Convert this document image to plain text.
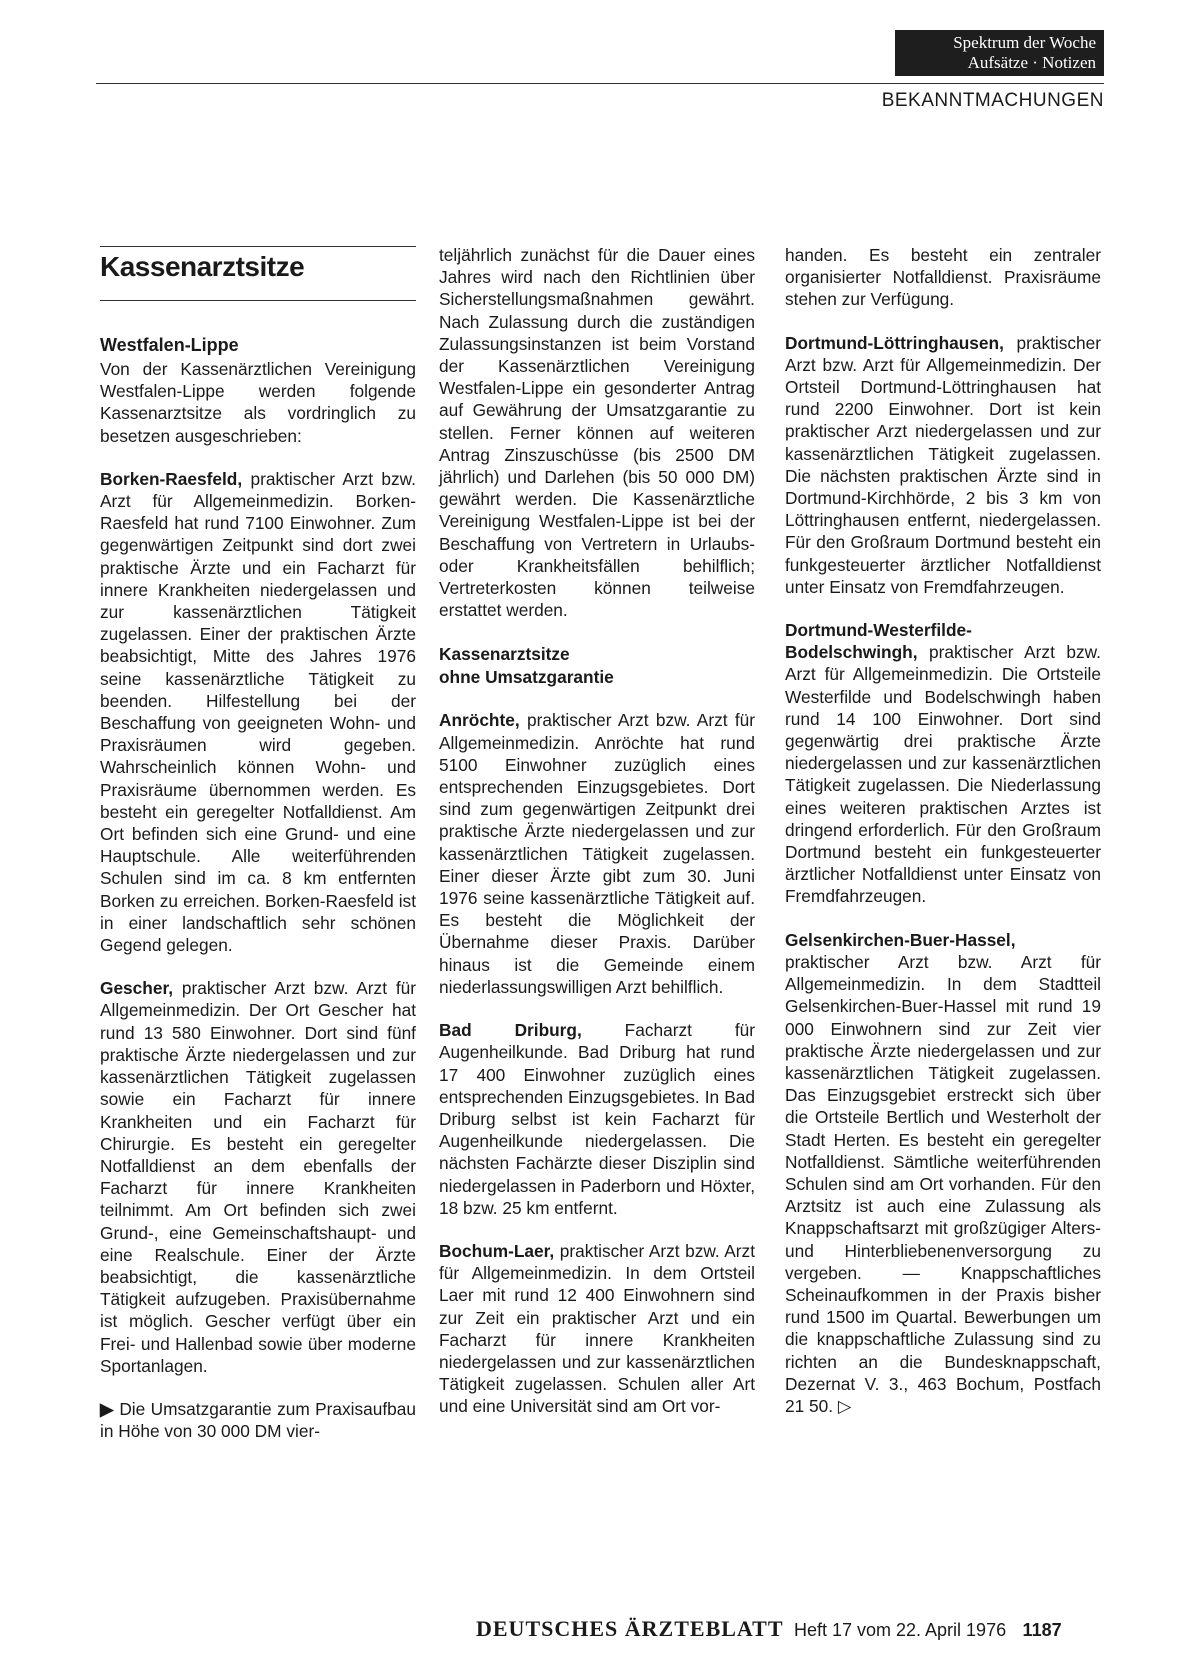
Spektrum der Woche
Aufsätze · Notizen
BEKANNTMACHUNGEN
Kassenarztsitze
Westfalen-Lippe

Von der Kassenärztlichen Vereinigung Westfalen-Lippe werden folgende Kassenarztsitze als vordringlich zu besetzen ausgeschrieben:

Borken-Raesfeld, praktischer Arzt bzw. Arzt für Allgemeinmedizin. Borken-Raesfeld hat rund 7100 Einwohner. Zum gegenwärtigen Zeitpunkt sind dort zwei praktische Ärzte und ein Facharzt für innere Krankheiten niedergelassen und zur kassenärztlichen Tätigkeit zugelassen. Einer der praktischen Ärzte beabsichtigt, Mitte des Jahres 1976 seine kassenärztliche Tätigkeit zu beenden. Hilfestellung bei der Beschaffung von geeigneten Wohn- und Praxisräumen wird gegeben. Wahrscheinlich können Wohn- und Praxisräume übernommen werden. Es besteht ein geregelter Notfalldienst. Am Ort befinden sich eine Grund- und eine Hauptschule. Alle weiterführenden Schulen sind im ca. 8 km entfernten Borken zu erreichen. Borken-Raesfeld ist in einer landschaftlich sehr schönen Gegend gelegen.

Gescher, praktischer Arzt bzw. Arzt für Allgemeinmedizin. Der Ort Gescher hat rund 13 580 Einwohner. Dort sind fünf praktische Ärzte niedergelassen und zur kassenärztlichen Tätigkeit zugelassen sowie ein Facharzt für innere Krankheiten und ein Facharzt für Chirurgie. Es besteht ein geregelter Notfalldienst an dem ebenfalls der Facharzt für innere Krankheiten teilnimmt. Am Ort befinden sich zwei Grund-, eine Gemeinschaftshaupt- und eine Realschule. Einer der Ärzte beabsichtigt, die kassenärztliche Tätigkeit aufzugeben. Praxisübernahme ist möglich. Gescher verfügt über ein Frei- und Hallenbad sowie über moderne Sportanlagen.

▶ Die Umsatzgarantie zum Praxisaufbau in Höhe von 30 000 DM vier-

teljährlich zunächst für die Dauer eines Jahres wird nach den Richtlinien über Sicherstellungsmaßnahmen gewährt. Nach Zulassung durch die zuständigen Zulassungsinstanzen ist beim Vorstand der Kassenärztlichen Vereinigung Westfalen-Lippe ein gesonderter Antrag auf Gewährung der Umsatzgarantie zu stellen. Ferner können auf weiteren Antrag Zinszuschüsse (bis 2500 DM jährlich) und Darlehen (bis 50 000 DM) gewährt werden. Die Kassenärztliche Vereinigung Westfalen-Lippe ist bei der Beschaffung von Vertretern in Urlaubs- oder Krankheitsfällen behilflich; Vertreterkosten können teilweise erstattet werden.

Kassenarztsitze
ohne Umsatzgarantie

Anröchte, praktischer Arzt bzw. Arzt für Allgemeinmedizin. Anröchte hat rund 5100 Einwohner zuzüglich eines entsprechenden Einzugsgebietes. Dort sind zum gegenwärtigen Zeitpunkt drei praktische Ärzte niedergelassen und zur kassenärztlichen Tätigkeit zugelassen. Einer dieser Ärzte gibt zum 30. Juni 1976 seine kassenärztliche Tätigkeit auf. Es besteht die Möglichkeit der Übernahme dieser Praxis. Darüber hinaus ist die Gemeinde einem niederlassungswilligen Arzt behilflich.

Bad Driburg, Facharzt für Augenheilkunde. Bad Driburg hat rund 17 400 Einwohner zuzüglich eines entsprechenden Einzugsgebietes. In Bad Driburg selbst ist kein Facharzt für Augenheilkunde niedergelassen. Die nächsten Fachärzte dieser Disziplin sind niedergelassen in Paderborn und Höxter, 18 bzw. 25 km entfernt.

Bochum-Laer, praktischer Arzt bzw. Arzt für Allgemeinmedizin. In dem Ortsteil Laer mit rund 12 400 Einwohnern sind zur Zeit ein praktischer Arzt und ein Facharzt für innere Krankheiten niedergelassen und zur kassenärztlichen Tätigkeit zugelassen. Schulen aller Art und eine Universität sind am Ort vor-

handen. Es besteht ein zentraler organisierter Notfalldienst. Praxisräume stehen zur Verfügung.

Dortmund-Löttringhausen, praktischer Arzt bzw. Arzt für Allgemeinmedizin. Der Ortsteil Dortmund-Löttringhausen hat rund 2200 Einwohner. Dort ist kein praktischer Arzt niedergelassen und zur kassenärztlichen Tätigkeit zugelassen. Die nächsten praktischen Ärzte sind in Dortmund-Kirchhörde, 2 bis 3 km von Löttringhausen entfernt, niedergelassen. Für den Großraum Dortmund besteht ein funkgesteuerter ärztlicher Notfalldienst unter Einsatz von Fremdfahrzeugen.

Dortmund-Westerfilde-Bodelschwingh, praktischer Arzt bzw. Arzt für Allgemeinmedizin. Die Ortsteile Westerfilde und Bodelschwingh haben rund 14 100 Einwohner. Dort sind gegenwärtig drei praktische Ärzte niedergelassen und zur kassenärztlichen Tätigkeit zugelassen. Die Niederlassung eines weiteren praktischen Arztes ist dringend erforderlich. Für den Großraum Dortmund besteht ein funkgesteuerter ärztlicher Notfalldienst unter Einsatz von Fremdfahrzeugen.

Gelsenkirchen-Buer-Hassel, praktischer Arzt bzw. Arzt für Allgemeinmedizin. In dem Stadtteil Gelsenkirchen-Buer-Hassel mit rund 19 000 Einwohnern sind zur Zeit vier praktische Ärzte niedergelassen und zur kassenärztlichen Tätigkeit zugelassen. Das Einzugsgebiet erstreckt sich über die Ortsteile Bertlich und Westerholt der Stadt Herten. Es besteht ein geregelter Notfalldienst. Sämtliche weiterführenden Schulen sind am Ort vorhanden. Für den Arztsitz ist auch eine Zulassung als Knappschaftsarzt mit großzügiger Alters- und Hinterbliebenenversorgung zu vergeben. — Knappschaftliches Scheinaufkommen in der Praxis bisher rund 1500 im Quartal. Bewerbungen um die knappschaftliche Zulassung sind zu richten an die Bundesknappschaft, Dezernat V. 3., 463 Bochum, Postfach 21 50. ▷

DEUTSCHES ÄRZTEBLATT Heft 17 vom 22. April 1976 1187
